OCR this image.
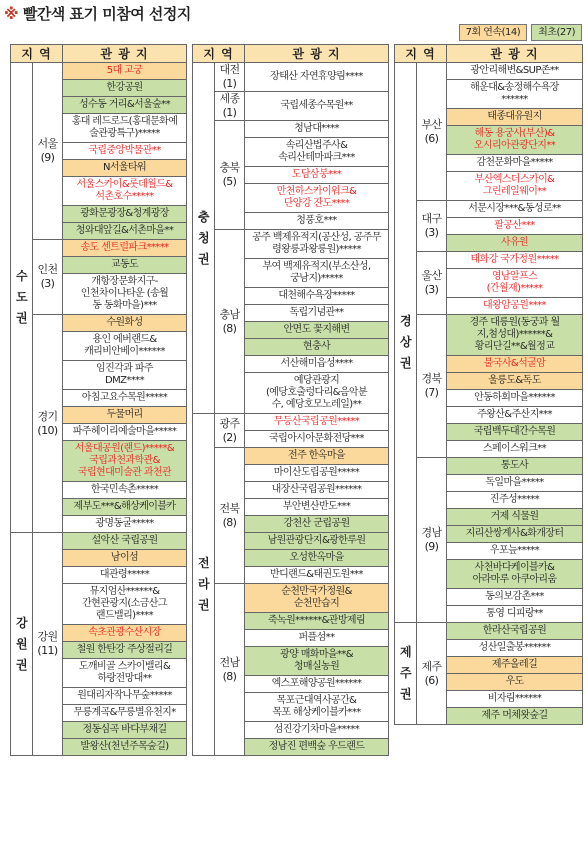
※ 빨간색 표기 미참여 선정지
7회 연속(14)	최초(27)
지 역		관 광 지

수도권	서울
(9)	5대 고궁
		한강공원
		성수동 거리&서울숲**
		홍대 레드로드(홍대문화예
술관광특구)*****
		국립중앙박물관**
		N서울타워
		서울스카이&롯데월드&
석촌호수*****
		광화문광장&청계광장
		청와대앞길&서촌마을**
	인천
(3)	송도 센트럴파크*****
		교동도
		개항장문화지구-
인천차이나타운 (송월
동 동화마을)***
	경기
(10)	수원화성
		용인 에버랜드&
캐리비안베이******
		임진각과 파주
DMZ****
		아침고요수목원*****
		두물머리
		파주헤이리예술마을*****
		서울대공원(랜드)*****&
국립과천과학관&
국립현대미술관 과천관
		한국민속촌*****
		제부도***&해상케이블카
		광명동굴*****

강원권	강원
(11)	설악산 국립공원
		남이섬
		대관령*****
		뮤지엄산******&
간현관광지(소금산그
랜드밸리)****
		속초관광수산시장
		철원 한탄강 주상절리길
		도깨비골 스카이밸리&
하랑전망대**
		원대리자작나무숲*****
		무릉계곡&무릉별유천지*
		정동심곡 바다부채길
		발왕산(천년주목숲길)
지 역		관 광 지

충청권	대전
(1)	장태산 자연휴양림****
	세종
(1)	국립세종수목원**
	충북
(5)	청남대****
		속리산법주사&
속리산테마파크***
		도담삼봉***
		만천하스카이워크&
단양강 잔도****
		청풍호***
	충남
(8)	공주 백제유적지(공산성, 공주무
령왕릉과왕릉원)*****
		부여 백제유적지(부소산성,
궁남지)*****
		대천해수욕장*****
		독립기념관**
		안면도 꽃지해변
		현충사
		서산해미읍성****
		예당관광지
(예당호출렁다리&음악분
수, 예당호모노레일)**

전라권	광주
(2)	무등산국립공원*****
		국립아시아문화전당***
	전북
(8)	전주 한옥마을
		마이산도립공원*****
		내장산국립공원******
		부안변산반도***
		강천산 군립공원
		남원관광단지&광한루원
		오성한옥마을
		반디랜드&태권도원***
	전남
(8)	순천만국가정원&
순천만습지
		죽녹원******&관방제림
		퍼플섬**
		광양 매화마을**&
청매실농원
		엑스포해양공원******
		목포근대역사공간&
목포 해상케이블카***
		섬진강기차마을*****
		정남진 편백숲 우드랜드
지 역		관 광 지

경상권	부산
(6)	광안리해변&SUP존**
		해운대&송정해수욕장
******
		태종대유원지
		해동 용궁사(부산)&
오시리아관광단지**
		감천문화마을*****
		부산엑스더스카이&
그린레일웨이**
	대구
(3)	서문시장***&동성로**
		팔공산***
		사유원
	울산
(3)	태화강 국가정원*****
		영남알프스
(간월재)*****
		대왕암공원****
	경북
(7)	경주 대릉원(동궁과 월
지,첨성대)******&
황리단길**&월정교
		불국사&석굴암
		울릉도&독도
		안동하회마을******
		주왕산&주산지***
		국립백두대간수목원
		스페이스워크**
	경남
(9)	통도사
		독일마을*****
		진주성*****
		거제 식물원
		지리산쌍계사&화개장터
		우포늪*****
		사천바다케이블카&
아라마루 아쿠아리움
		동의보감촌***
		통영 디피랑**

제주권	제주
(6)	한라산국립공원
		성산일출봉******
		제주올레길
		우도
		비자림******
		제주 머체왓숲길
